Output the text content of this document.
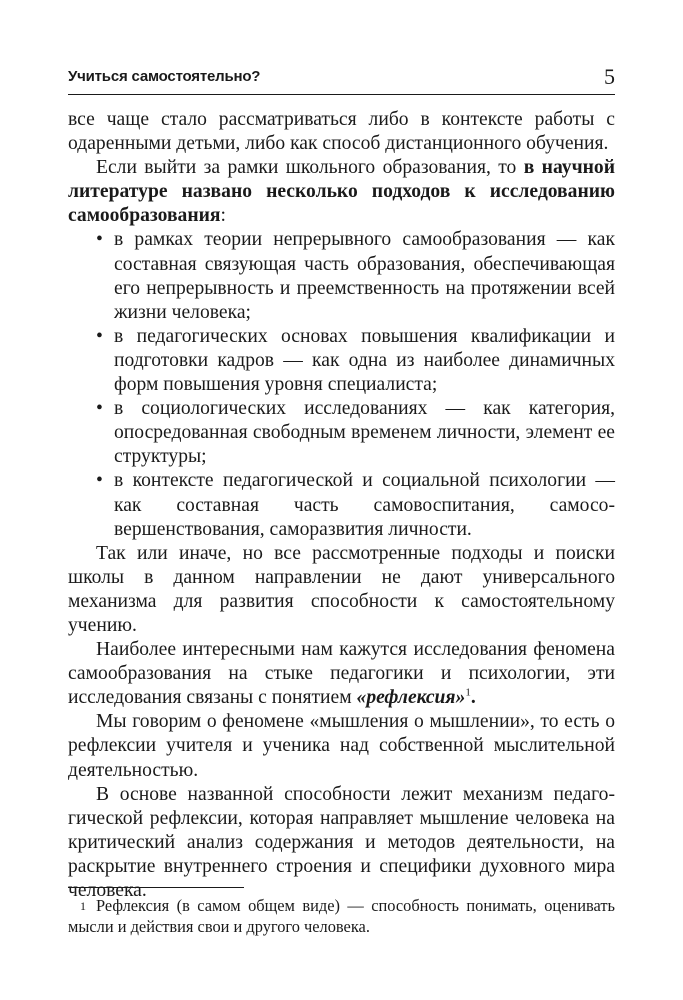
Учиться самостоятельно?	5

все чаще стало рассматриваться либо в контексте работы с одаренными детьми, либо как способ дистанционного обучения.

Если выйти за рамки школьного образования, то в научной литературе названо несколько подходов к исследованию самообразования:

• в рамках теории непрерывного самообразования — как составная связующая часть образования, обеспечивающая его непрерывность и преемственность на протяжении всей жизни человека;
• в педагогических основах повышения квалификации и подготовки кадров — как одна из наиболее динамичных форм повышения уровня специалиста;
• в социологических исследованиях — как категория, опосредованная свободным временем личности, элемент ее структуры;
• в контексте педагогической и социальной психологии — как составная часть самовоспитания, самосовершенствования, саморазвития личности.

Так или иначе, но все рассмотренные подходы и поиски школы в данном направлении не дают универсального механизма для развития способности к самостоятельному учению.

Наиболее интересными нам кажутся исследования феномена самообразования на стыке педагогики и психологии, эти исследования связаны с понятием «рефлексия»$^1$.

Мы говорим о феномене «мышления о мышлении», то есть о рефлексии учителя и ученика над собственной мыслительной деятельностью.

В основе названной способности лежит механизм педагогической рефлексии, которая направляет мышление человека на критический анализ содержания и методов деятельности, на раскрытие внутреннего строения и специфики духовного мира человека.

1 Рефлексия (в самом общем виде) — способность понимать, оценивать мысли и действия свои и другого человека.
